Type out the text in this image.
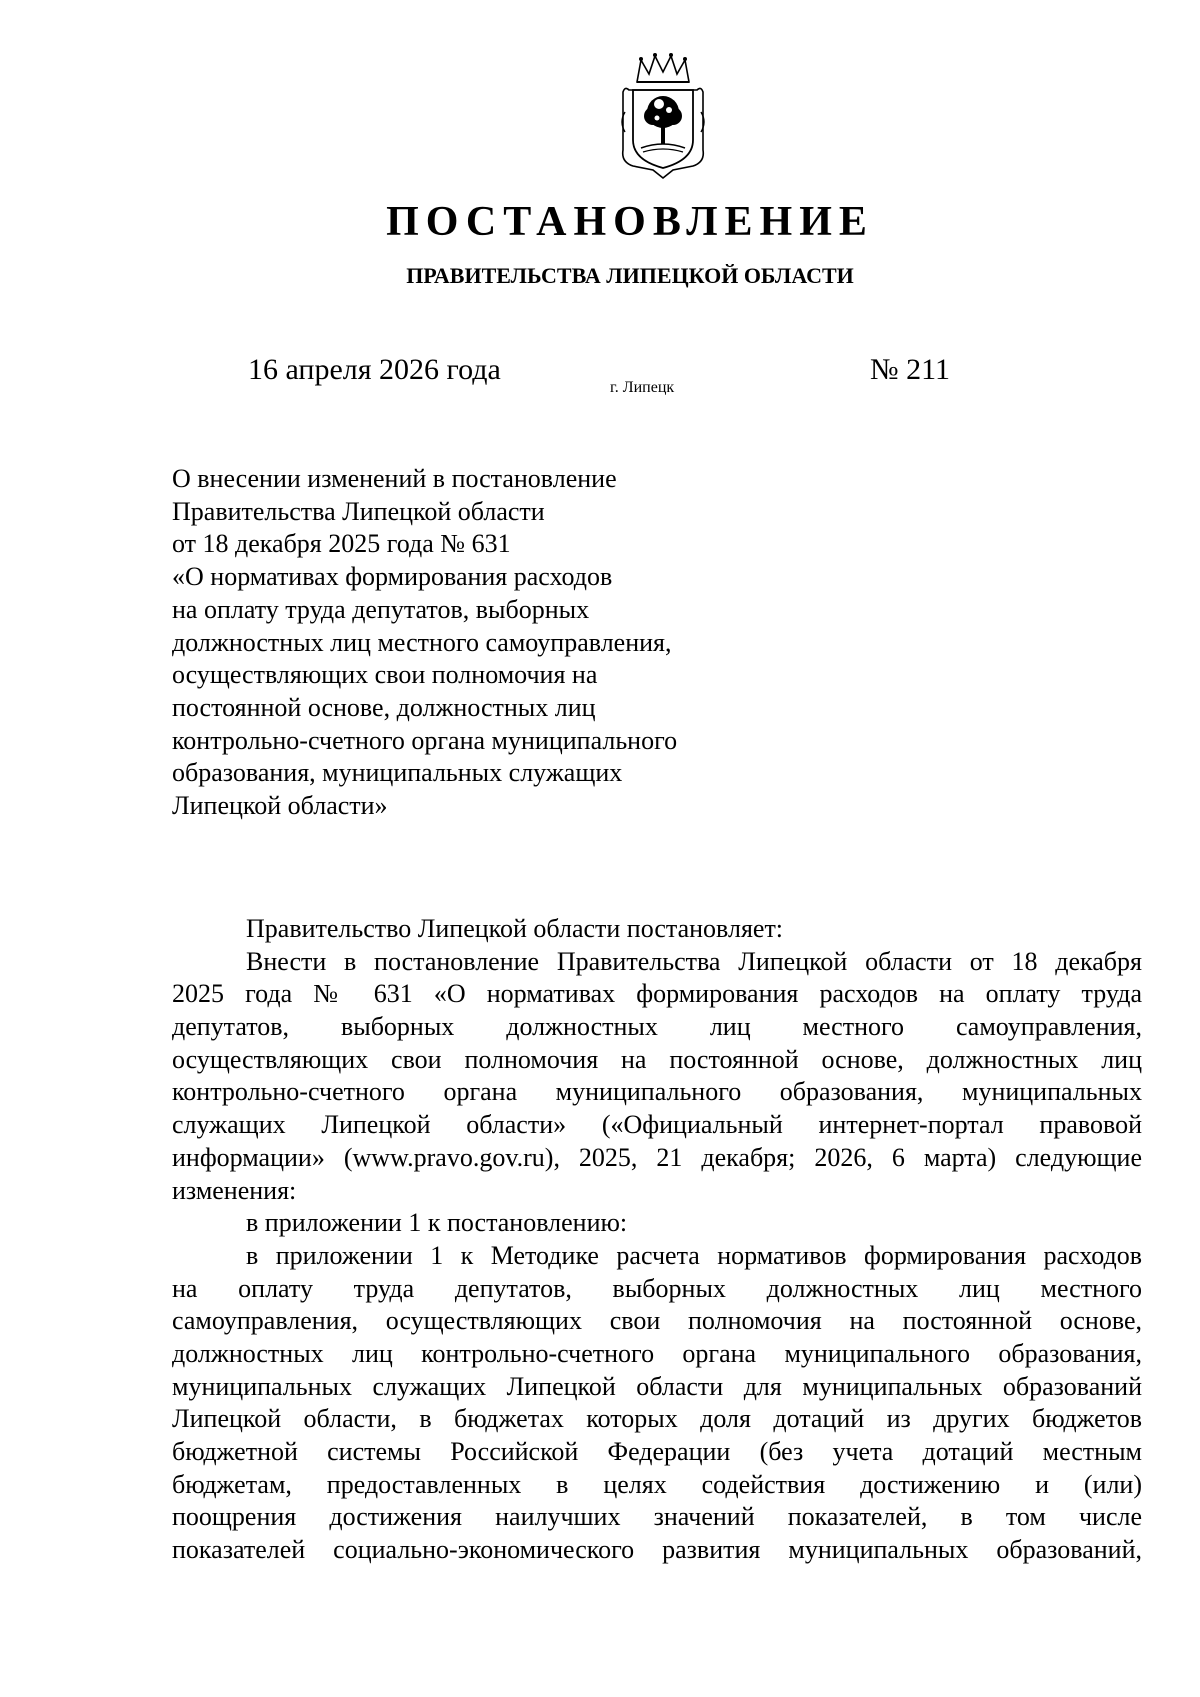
ПОСТАНОВЛЕНИЕ
ПРАВИТЕЛЬСТВА ЛИПЕЦКОЙ ОБЛАСТИ
16 апреля 2026 года
г. Липецк
№ 211
О внесении изменений в постановление
Правительства Липецкой области
от 18 декабря 2025 года № 631
«О нормативах формирования расходов
на оплату труда депутатов, выборных
должностных лиц местного самоуправления,
осуществляющих свои полномочия на
постоянной основе, должностных лиц
контрольно-счетного органа муниципального
образования, муниципальных служащих
Липецкой области»
Правительство Липецкой области постановляет:
Внести в постановление Правительства Липецкой области от 18 декабря
2025 года № 631 «О нормативах формирования расходов на оплату труда
депутатов, выборных должностных лиц местного самоуправления,
осуществляющих свои полномочия на постоянной основе, должностных лиц
контрольно-счетного органа муниципального образования, муниципальных
служащих Липецкой области» («Официальный интернет-портал правовой
информации» (www.pravo.gov.ru), 2025, 21 декабря; 2026, 6 марта) следующие
изменения:
в приложении 1 к постановлению:
в приложении 1 к Методике расчета нормативов формирования расходов
на оплату труда депутатов, выборных должностных лиц местного
самоуправления, осуществляющих свои полномочия на постоянной основе,
должностных лиц контрольно-счетного органа муниципального образования,
муниципальных служащих Липецкой области для муниципальных образований
Липецкой области, в бюджетах которых доля дотаций из других бюджетов
бюджетной системы Российской Федерации (без учета дотаций местным
бюджетам, предоставленных в целях содействия достижению и (или)
поощрения достижения наилучших значений показателей, в том числе
показателей социально-экономического развития муниципальных образований,
